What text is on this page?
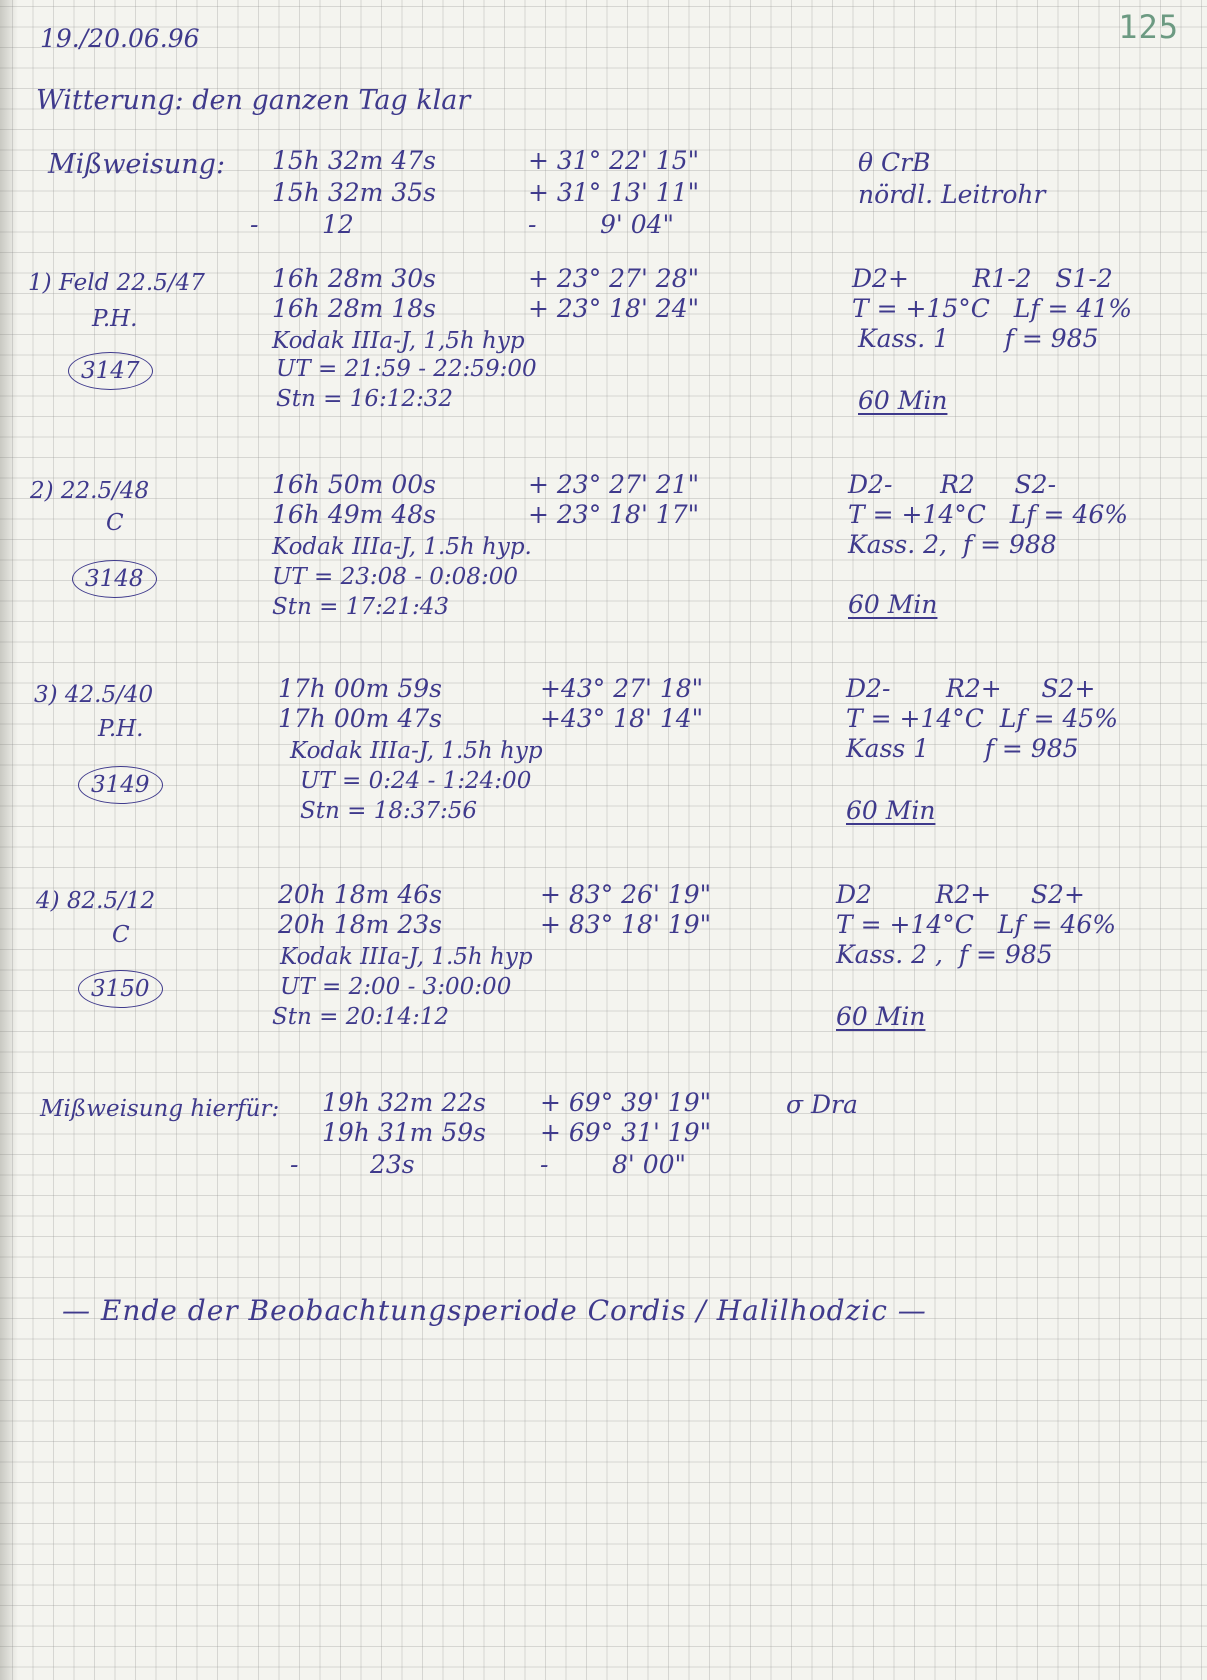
125
19./20.06.96
Witterung: den ganzen Tag klar
Mißweisung: 15h 32m 47s
15h 32m 35s
-        12
+ 31° 22' 15"
+ 31° 13' 11"
-        9' 04"
θ CrB
nördl. Leitrohr
1) Feld 22.5/47
P.H.
3147
16h 28m 30s
16h 28m 18s
+ 23° 27' 28"
+ 23° 18' 24"
Kodak IIIa-J, 1,5h hyp
UT = 21:59 - 22:59:00
Stn = 16:12:32
D2+        R1-2   S1-2
T = +15°C   Lf = 41%
Kass. 1       f = 985
60 Min
2) 22.5/48
C
3148
16h 50m 00s
16h 49m 48s
+ 23° 27' 21"
+ 23° 18' 17"
Kodak IIIa-J, 1.5h hyp.
UT = 23:08 - 0:08:00
Stn = 17:21:43
D2-      R2     S2-
T = +14°C   Lf = 46%
Kass. 2,  f = 988
60 Min
3) 42.5/40
P.H.
3149
17h 00m 59s
17h 00m 47s
+43° 27' 18"
+43° 18' 14"
Kodak IIIa-J, 1.5h hyp
UT = 0:24 - 1:24:00
Stn = 18:37:56
D2-       R2+     S2+
T = +14°C  Lf = 45%
Kass 1       f = 985
60 Min
4) 82.5/12
C
3150
20h 18m 46s
20h 18m 23s
+ 83° 26' 19"
+ 83° 18' 19"
Kodak IIIa-J, 1.5h hyp
UT = 2:00 - 3:00:00
Stn = 20:14:12
D2        R2+     S2+
T = +14°C   Lf = 46%
Kass. 2 ,  f = 985
60 Min
Mißweisung hierfür: 19h 32m 22s
19h 31m 59s
-         23s
+ 69° 39' 19"
+ 69° 31' 19"
-        8' 00"
σ Dra
— Ende der Beobachtungsperiode Cordis / Halilhodzic —
